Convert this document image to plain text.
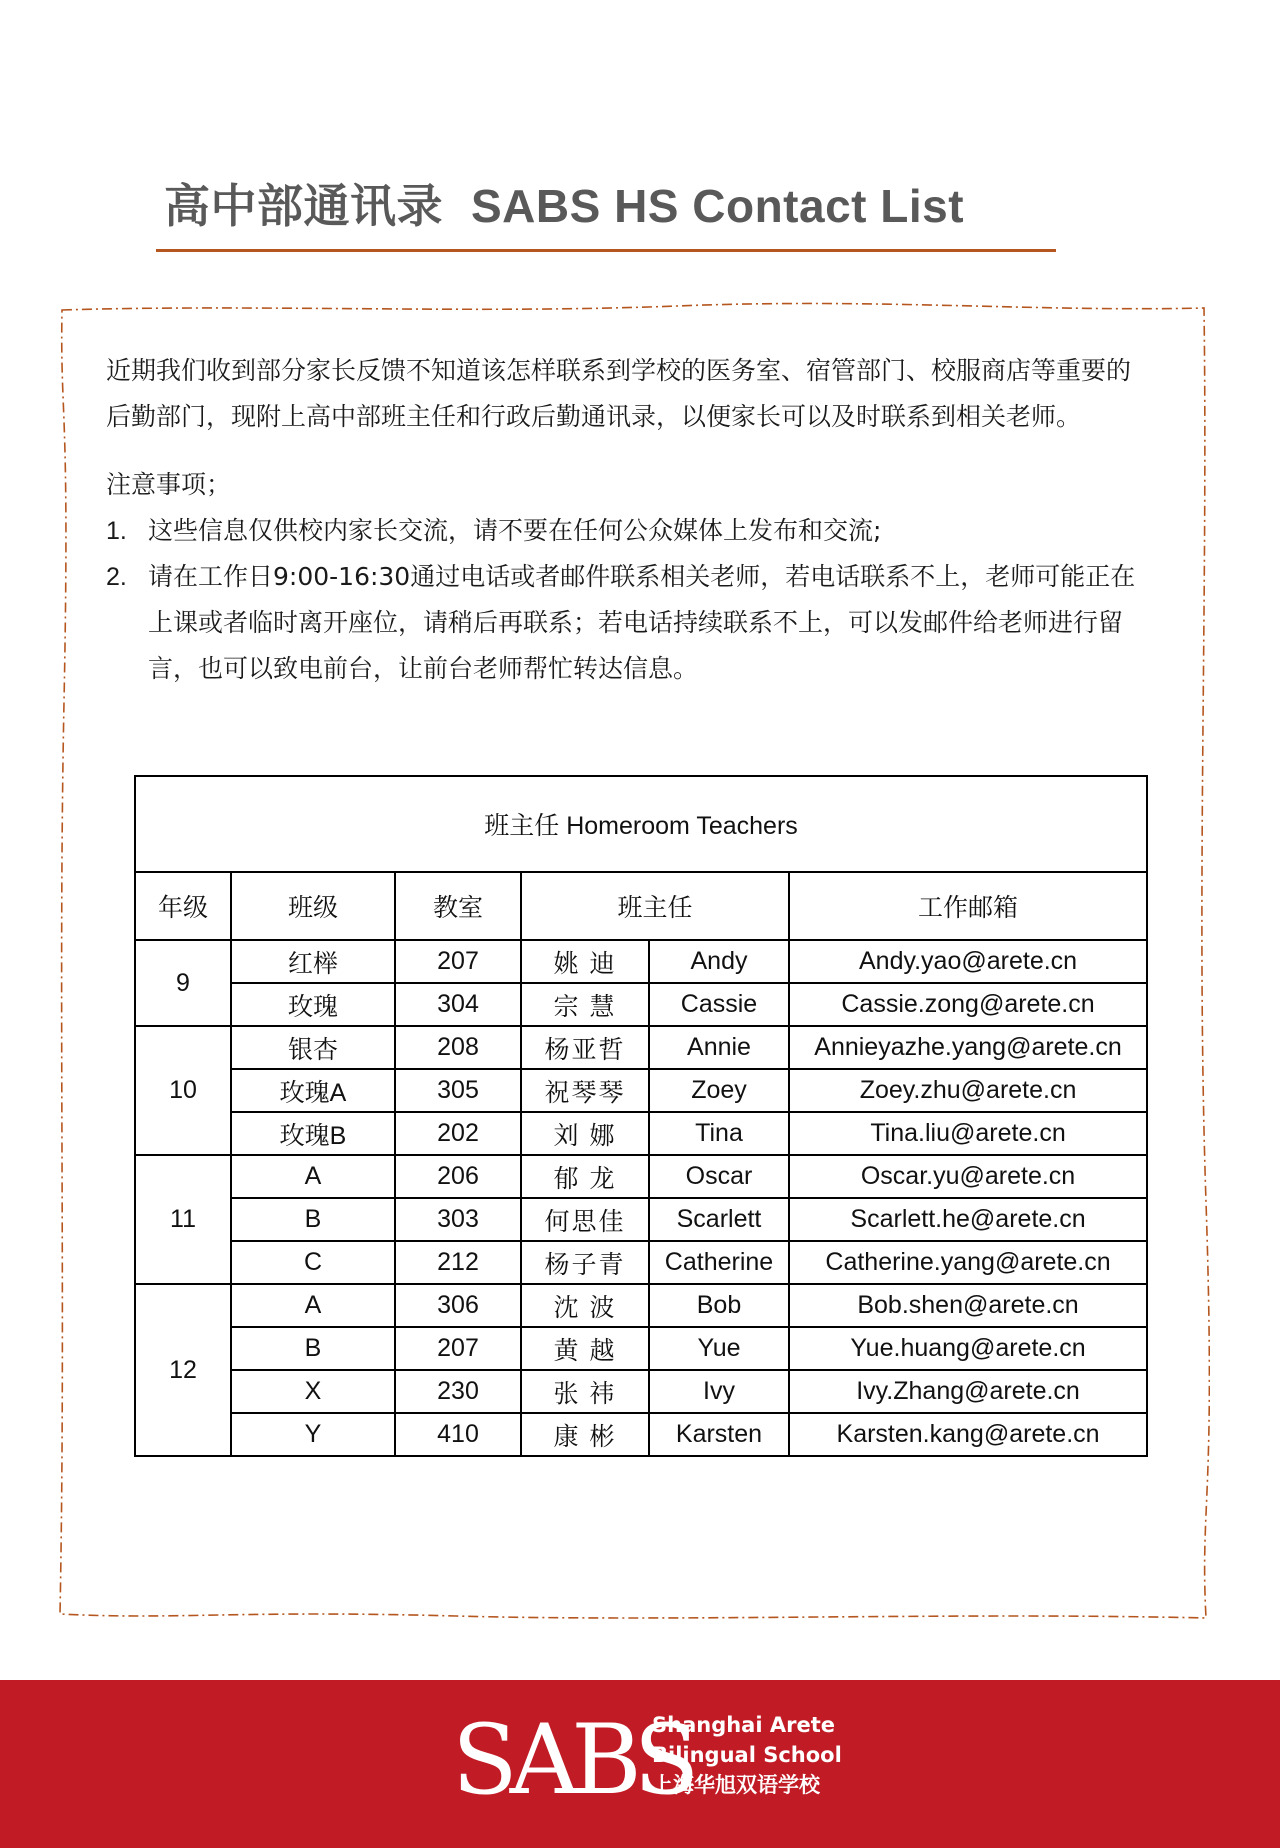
高中部通讯录 SABS HS Contact List

近期我们收到部分家长反馈不知道该怎样联系到学校的医务室、宿管部门、校服商店等重要的后勤部门，现附上高中部班主任和行政后勤通讯录，以便家长可以及时联系到相关老师。

注意事项；

1. 这些信息仅供校内家长交流，请不要在任何公众媒体上发布和交流;
2. 请在工作日9:00-16:30通过电话或者邮件联系相关老师，若电话联系不上，老师可能正在上课或者临时离开座位，请稍后再联系；若电话持续联系不上，可以发邮件给老师进行留言，也可以致电前台，让前台老师帮忙转达信息。
班主任 Homeroom Teachers					
年级	班级	教室	班主任		工作邮箱
9	红榉	207	姚 迪	Andy	Andy.yao@arete.cn
	玫瑰	304	宗 慧	Cassie	Cassie.zong@arete.cn
10	银杏	208	杨亚哲	Annie	Annieyazhe.yang@arete.cn
	玫瑰A	305	祝琴琴	Zoey	Zoey.zhu@arete.cn
	玫瑰B	202	刘 娜	Tina	Tina.liu@arete.cn
11	A	206	郁 龙	Oscar	Oscar.yu@arete.cn
	B	303	何思佳	Scarlett	Scarlett.he@arete.cn
	C	212	杨子青	Catherine	Catherine.yang@arete.cn
12	A	306	沈 波	Bob	Bob.shen@arete.cn
	B	207	黄 越	Yue	Yue.huang@arete.cn
	X	230	张 祎	Ivy	Ivy.Zhang@arete.cn
	Y	410	康 彬	Karsten	Karsten.kang@arete.cn
SABS
Shanghai Arete
Bilingual School
上海华旭双语学校
